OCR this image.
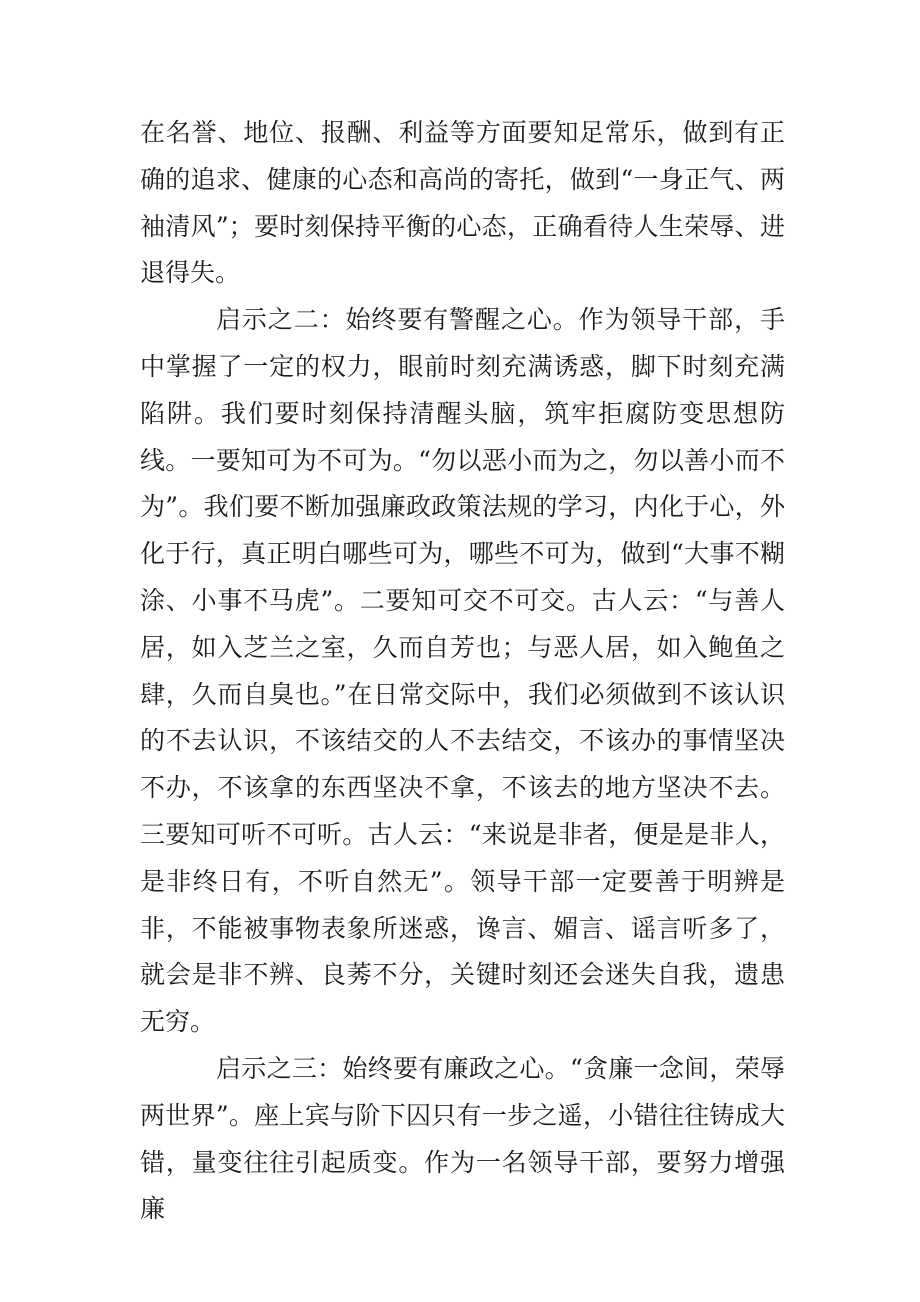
在名誉、地位、报酬、利益等方面要知足常乐，做到有正确的追求、健康的心态和高尚的寄托，做到“一身正气、两袖清风”；要时刻保持平衡的心态，正确看待人生荣辱、进退得失。

启示之二：始终要有警醒之心。作为领导干部，手中掌握了一定的权力，眼前时刻充满诱惑，脚下时刻充满陷阱。我们要时刻保持清醒头脑，筑牢拒腐防变思想防线。一要知可为不可为。“勿以恶小而为之，勿以善小而不为”。我们要不断加强廉政政策法规的学习，内化于心，外化于行，真正明白哪些可为，哪些不可为，做到“大事不糊涂、小事不马虎”。二要知可交不可交。古人云：“与善人居，如入芝兰之室，久而自芳也；与恶人居，如入鲍鱼之肆，久而自臭也。”在日常交际中，我们必须做到不该认识的不去认识，不该结交的人不去结交，不该办的事情坚决不办，不该拿的东西坚决不拿，不该去的地方坚决不去。三要知可听不可听。古人云：“来说是非者，便是是非人，是非终日有，不听自然无”。领导干部一定要善于明辨是非，不能被事物表象所迷惑，谗言、媚言、谣言听多了，就会是非不辨、良莠不分，关键时刻还会迷失自我，遗患无穷。

启示之三：始终要有廉政之心。“贪廉一念间，荣辱两世界”。座上宾与阶下囚只有一步之遥，小错往往铸成大错，量变往往引起质变。作为一名领导干部，要努力增强廉
